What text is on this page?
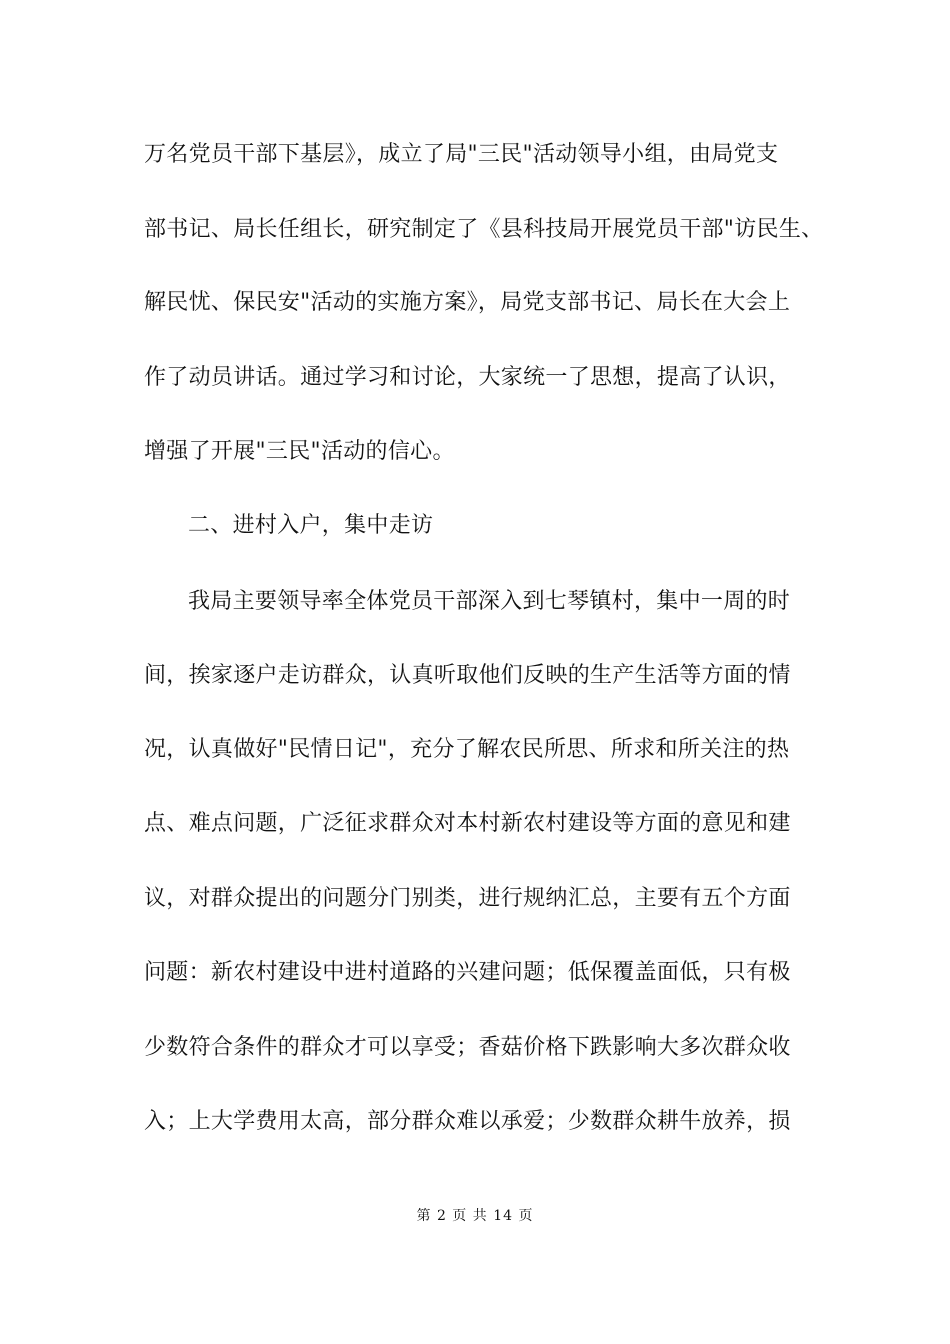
万名党员干部下基层》，成立了局"三民"活动领导小组，由局党支
部书记、局长任组长，研究制定了《县科技局开展党员干部"访民生、
解民忧、保民安"活动的实施方案》，局党支部书记、局长在大会上
作了动员讲话。通过学习和讨论，大家统一了思想，提高了认识，
增强了开展"三民"活动的信心。
二、进村入户，集中走访
我局主要领导率全体党员干部深入到七琴镇村，集中一周的时
间，挨家逐户走访群众，认真听取他们反映的生产生活等方面的情
况，认真做好"民情日记"，充分了解农民所思、所求和所关注的热
点、难点问题，广泛征求群众对本村新农村建设等方面的意见和建
议，对群众提出的问题分门别类，进行规纳汇总，主要有五个方面
问题：新农村建设中进村道路的兴建问题；低保覆盖面低，只有极
少数符合条件的群众才可以享受；香菇价格下跌影响大多次群众收
入；上大学费用太高，部分群众难以承爱；少数群众耕牛放养，损
第 2 页 共 14 页
